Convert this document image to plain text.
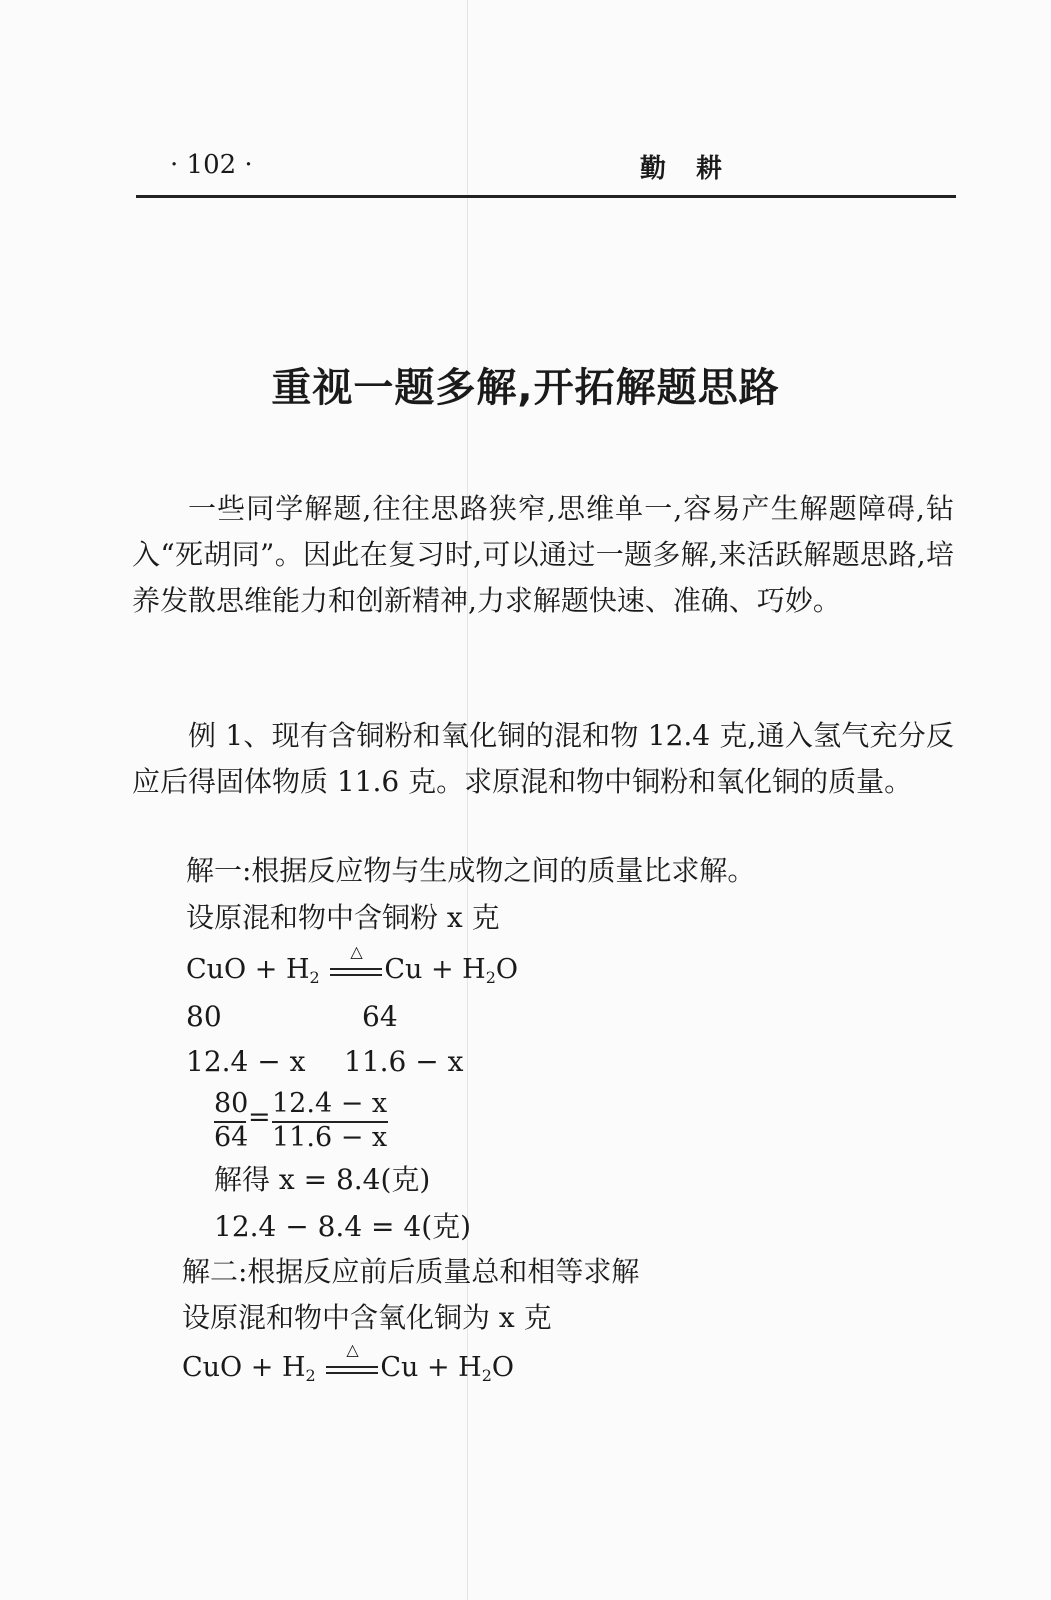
· 102 ·	勤耕
重视一题多解,开拓解题思路
一些同学解题,往往思路狭窄,思维单一,容易产生解题障碍,钻入“死胡同”。因此在复习时,可以通过一题多解,来活跃解题思路,培养发散思维能力和创新精神,力求解题快速、准确、巧妙。
例 1、现有含铜粉和氧化铜的混和物 12.4 克,通入氢气充分反应后得固体物质 11.6 克。求原混和物中铜粉和氧化铜的质量。
解一:根据反应物与生成物之间的质量比求解。
设原混和物中含铜粉 x 克
CuO + $H_2$
△
$Cu + H_2O$
80	64
12.4 − x 11.6 − x
80
64
= 12.4 − x
11.6 − x
解得 x = 8.4(克)
12.4 − 8.4 = 4(克)
解二:根据反应前后质量总和相等求解
设原混和物中含氧化铜为 x 克
CuO + $H_2$
△
$Cu + H_2O$
